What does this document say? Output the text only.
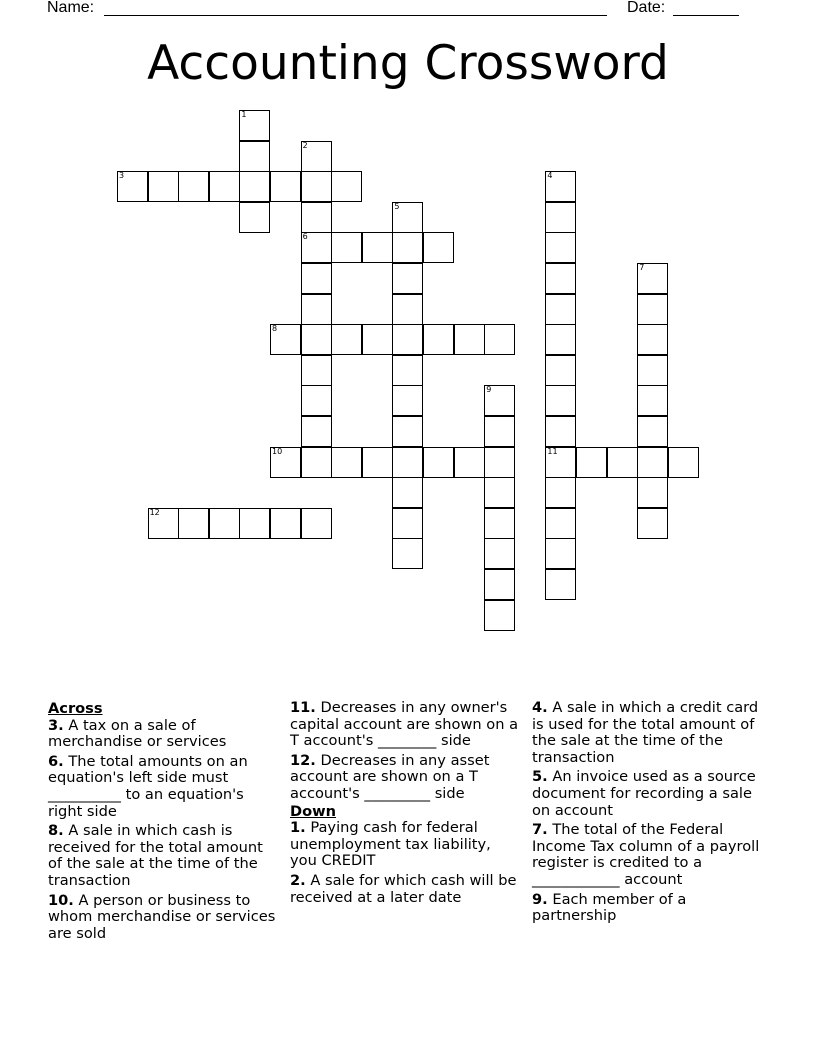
Name:	Date:
Accounting Crossword
1
2
6
3	4
11
5
7
8
9
10
12
Across
3. A tax on a sale of merchandise or services
6. The total amounts on an equation's left side must __________ to an equation's right side
8. A sale in which cash is received for the total amount of the sale at the time of the transaction
10. A person or business to whom merchandise or services are sold
11. Decreases in any owner's capital account are shown on a T account's ________ side
12. Decreases in any asset account are shown on a T account's _________ side
Down
1. Paying cash for federal unemployment tax liability, you CREDIT
2. A sale for which cash will be received at a later date
4. A sale in which a credit card is used for the total amount of the sale at the time of the transaction
5. An invoice used as a source document for recording a sale on account
7. The total of the Federal Income Tax column of a payroll register is credited to a ____________ account
9. Each member of a partnership
